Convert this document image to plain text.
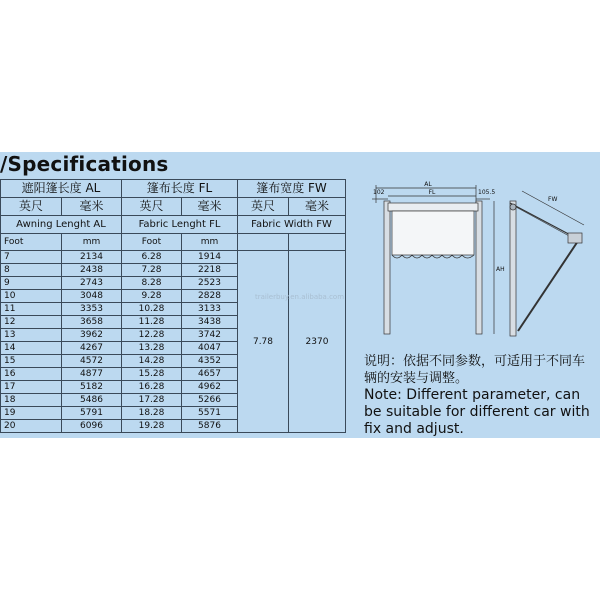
/Specifications
遮阳篷长度 AL		篷布长度 FL		篷布宽度 FW	
英尺	毫米	英尺	毫米	英尺	毫米
Awning Lenght AL		Fabric Lenght FL		Fabric Width FW	
Foot	mm	Foot	mm		
7	2134	6.28	1914	7.78	2370
8	2438	7.28	2218		
9	2743	8.28	2523		
10	3048	9.28	2828		
11	3353	10.28	3133		
12	3658	11.28	3438		
13	3962	12.28	3742		
14	4267	13.28	4047		
15	4572	14.28	4352		
16	4877	15.28	4657		
17	5182	16.28	4962		
18	5486	17.28	5266		
19	5791	18.28	5571		
20	6096	19.28	5876		
102
AL
FL	105.5
AH
FW
trailerbuy.en.alibaba.com
说明：依据不同参数，可适用于不同车辆的安装与调整。
Note: Different parameter, can be suitable for different car with fix and adjust.
